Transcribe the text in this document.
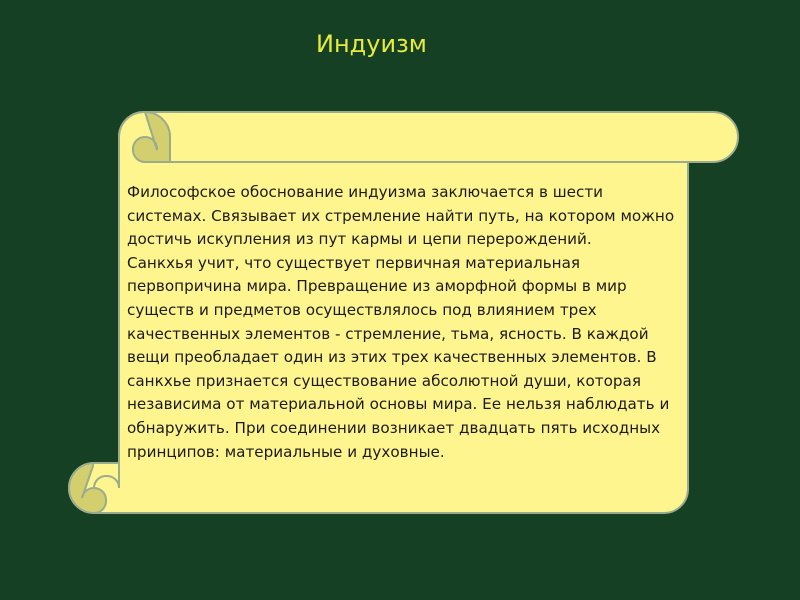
Индуизм
Философское обоснование индуизма заключается в шести системах. Связывает их стремление найти путь, на котором можно достичь искупления из пут кармы и цепи перерождений.
Санкхья учит, что существует первичная материальная первопричина мира. Превращение из аморфной формы в мир существ и предметов осуществлялось под влиянием трех качественных элементов - стремление, тьма, ясность. В каждой вещи преобладает один из этих трех качественных элементов. В санкхье признается существование абсолютной души, которая независима от материальной основы мира. Ее нельзя наблюдать и обнаружить. При соединении возникает двадцать пять исходных принципов: материальные и духовные.
